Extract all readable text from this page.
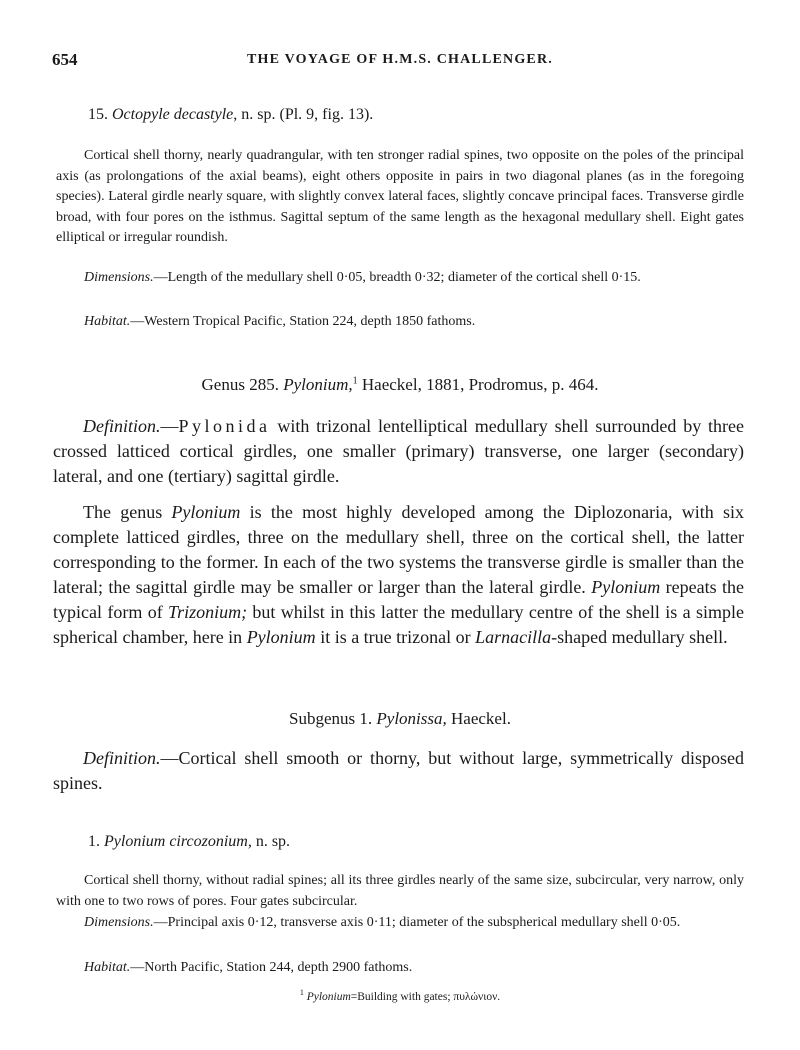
654	THE VOYAGE OF H.M.S. CHALLENGER.
15. Octopyle decastyle, n. sp. (Pl. 9, fig. 13).
Cortical shell thorny, nearly quadrangular, with ten stronger radial spines, two opposite on the poles of the principal axis (as prolongations of the axial beams), eight others opposite in pairs in two diagonal planes (as in the foregoing species). Lateral girdle nearly square, with slightly convex lateral faces, slightly concave principal faces. Transverse girdle broad, with four pores on the isthmus. Sagittal septum of the same length as the hexagonal medullary shell. Eight gates elliptical or irregular roundish.
Dimensions.—Length of the medullary shell 0·05, breadth 0·32; diameter of the cortical shell 0·15.
Habitat.—Western Tropical Pacific, Station 224, depth 1850 fathoms.
Genus 285. Pylonium,$^1$ Haeckel, 1881, Prodromus, p. 464.
Definition.—Pylonida with trizonal lentelliptical medullary shell surrounded by three crossed latticed cortical girdles, one smaller (primary) transverse, one larger (secondary) lateral, and one (tertiary) sagittal girdle.
The genus Pylonium is the most highly developed among the Diplozonaria, with six complete latticed girdles, three on the medullary shell, three on the cortical shell, the latter corresponding to the former. In each of the two systems the transverse girdle is smaller than the lateral; the sagittal girdle may be smaller or larger than the lateral girdle. Pylonium repeats the typical form of Trizonium; but whilst in this latter the medullary centre of the shell is a simple spherical chamber, here in Pylonium it is a true trizonal or Larnacilla-shaped medullary shell.
Subgenus 1. Pylonissa, Haeckel.
Definition.—Cortical shell smooth or thorny, but without large, symmetrically disposed spines.
1. Pylonium circozonium, n. sp.
Cortical shell thorny, without radial spines; all its three girdles nearly of the same size, subcircular, very narrow, only with one to two rows of pores. Four gates subcircular.
Dimensions.—Principal axis 0·12, transverse axis 0·11; diameter of the subspherical medullary shell 0·05.
Habitat.—North Pacific, Station 244, depth 2900 fathoms.
$^1$ Pylonium=Building with gates; πυλώνιον.
